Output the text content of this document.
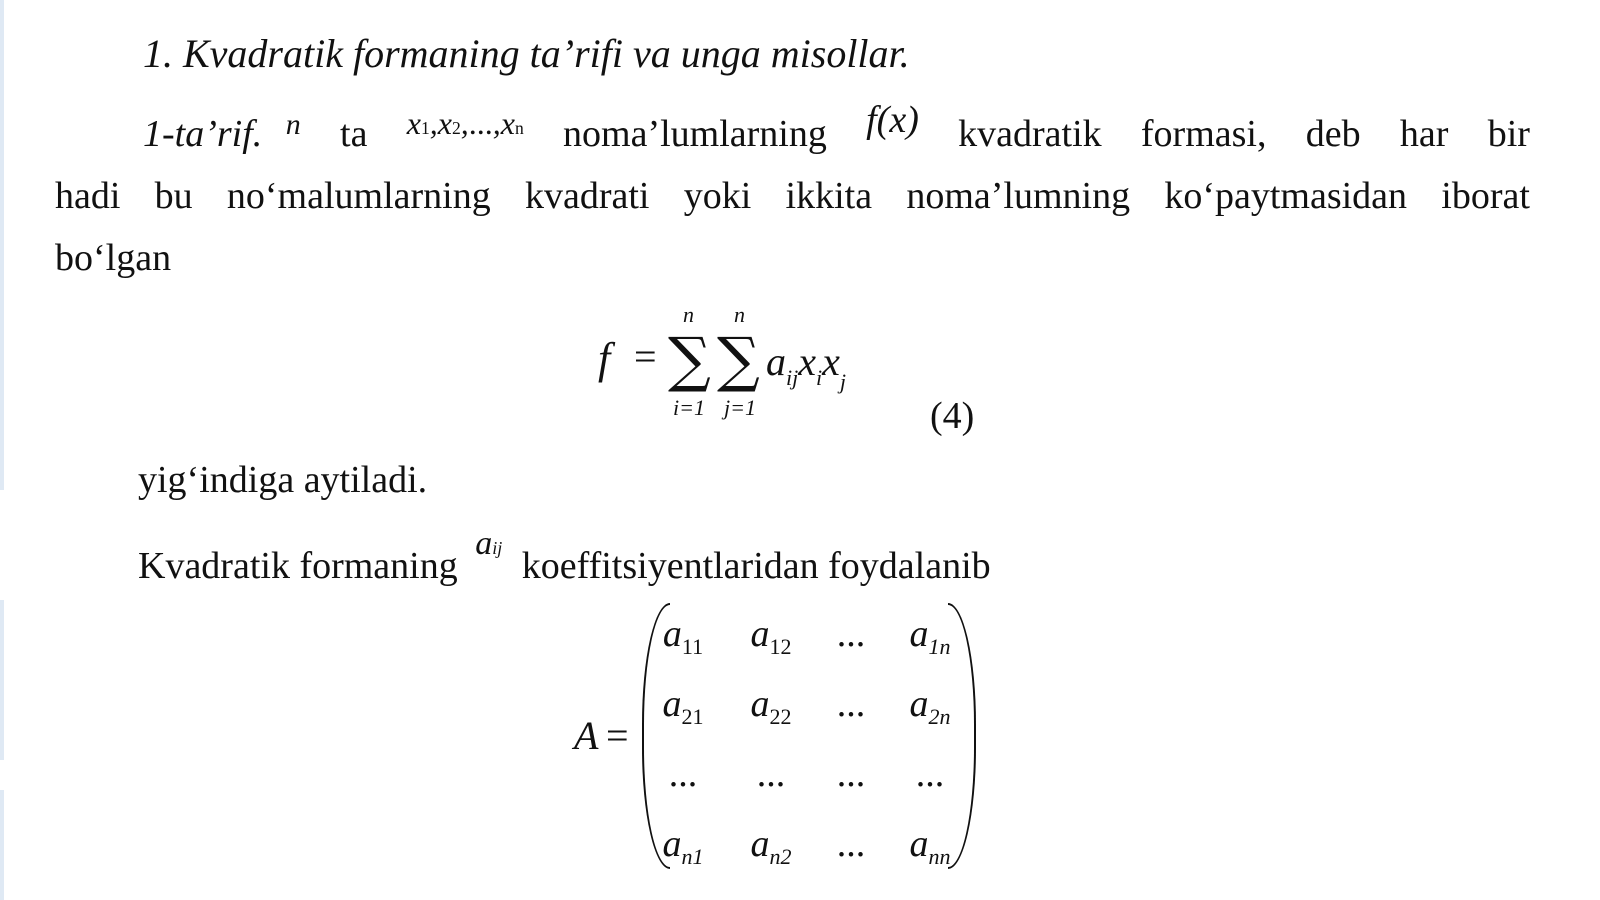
1. Kvadratik formaning ta’rifi va unga misollar.
1-ta’rif. $^n$ ta x1,x2,...,xn noma’lumlarning f(x) kvadratik formasi, deb har bir
hadi bu no‘malumlarning kvadrati yoki ikkita noma’lumning ko‘paytmasidan iborat
bo‘lgan
f =
n
∑
i=1
n
∑
j=1
$a_{ij}x_ix_j$
(4)
yig‘indiga aytiladi.
Kvadratik formaning aij koeffitsiyentlaridan foydalanib
A =
$a_{11}$	$a_{12}$	...	$a_{1n}$
$a_{21}$	$a_{22}$	...	$a_{2n}$
...	...	...	...
$a_{n1}$	$a_{n2}$	...	$a_{nn}$
